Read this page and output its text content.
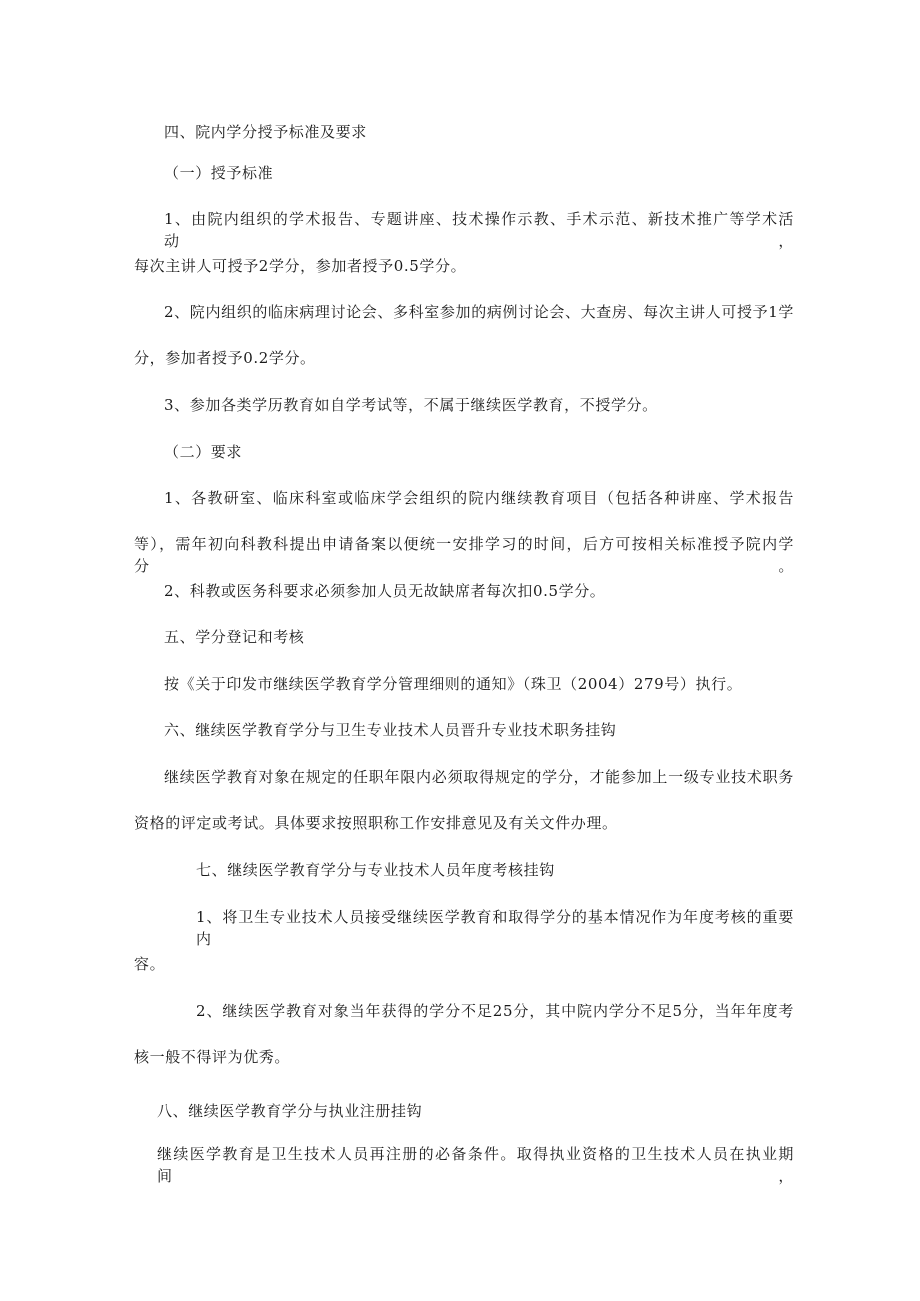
四、院内学分授予标准及要求
（一）授予标准
1、由院内组织的学术报告、专题讲座、技术操作示教、手术示范、新技术推广等学术活动，
每次主讲人可授予2学分，参加者授予0.5学分。
2、院内组织的临床病理讨论会、多科室参加的病例讨论会、大查房、每次主讲人可授予1学
分，参加者授予0.2学分。
3、参加各类学历教育如自学考试等，不属于继续医学教育，不授学分。
（二）要求
1、各教研室、临床科室或临床学会组织的院内继续教育项目（包括各种讲座、学术报告
等），需年初向科教科提出申请备案以便统一安排学习的时间，后方可按相关标准授予院内学分。
2、科教或医务科要求必须参加人员无故缺席者每次扣0.5学分。
五、学分登记和考核
按《关于印发市继续医学教育学分管理细则的通知》（珠卫（2004）279号）执行。
六、继续医学教育学分与卫生专业技术人员晋升专业技术职务挂钩
继续医学教育对象在规定的任职年限内必须取得规定的学分，才能参加上一级专业技术职务
资格的评定或考试。具体要求按照职称工作安排意见及有关文件办理。
七、继续医学教育学分与专业技术人员年度考核挂钩
1、将卫生专业技术人员接受继续医学教育和取得学分的基本情况作为年度考核的重要内
容。
2、继续医学教育对象当年获得的学分不足25分，其中院内学分不足5分，当年年度考
核一般不得评为优秀。
八、继续医学教育学分与执业注册挂钩
继续医学教育是卫生技术人员再注册的必备条件。取得执业资格的卫生技术人员在执业期间，
